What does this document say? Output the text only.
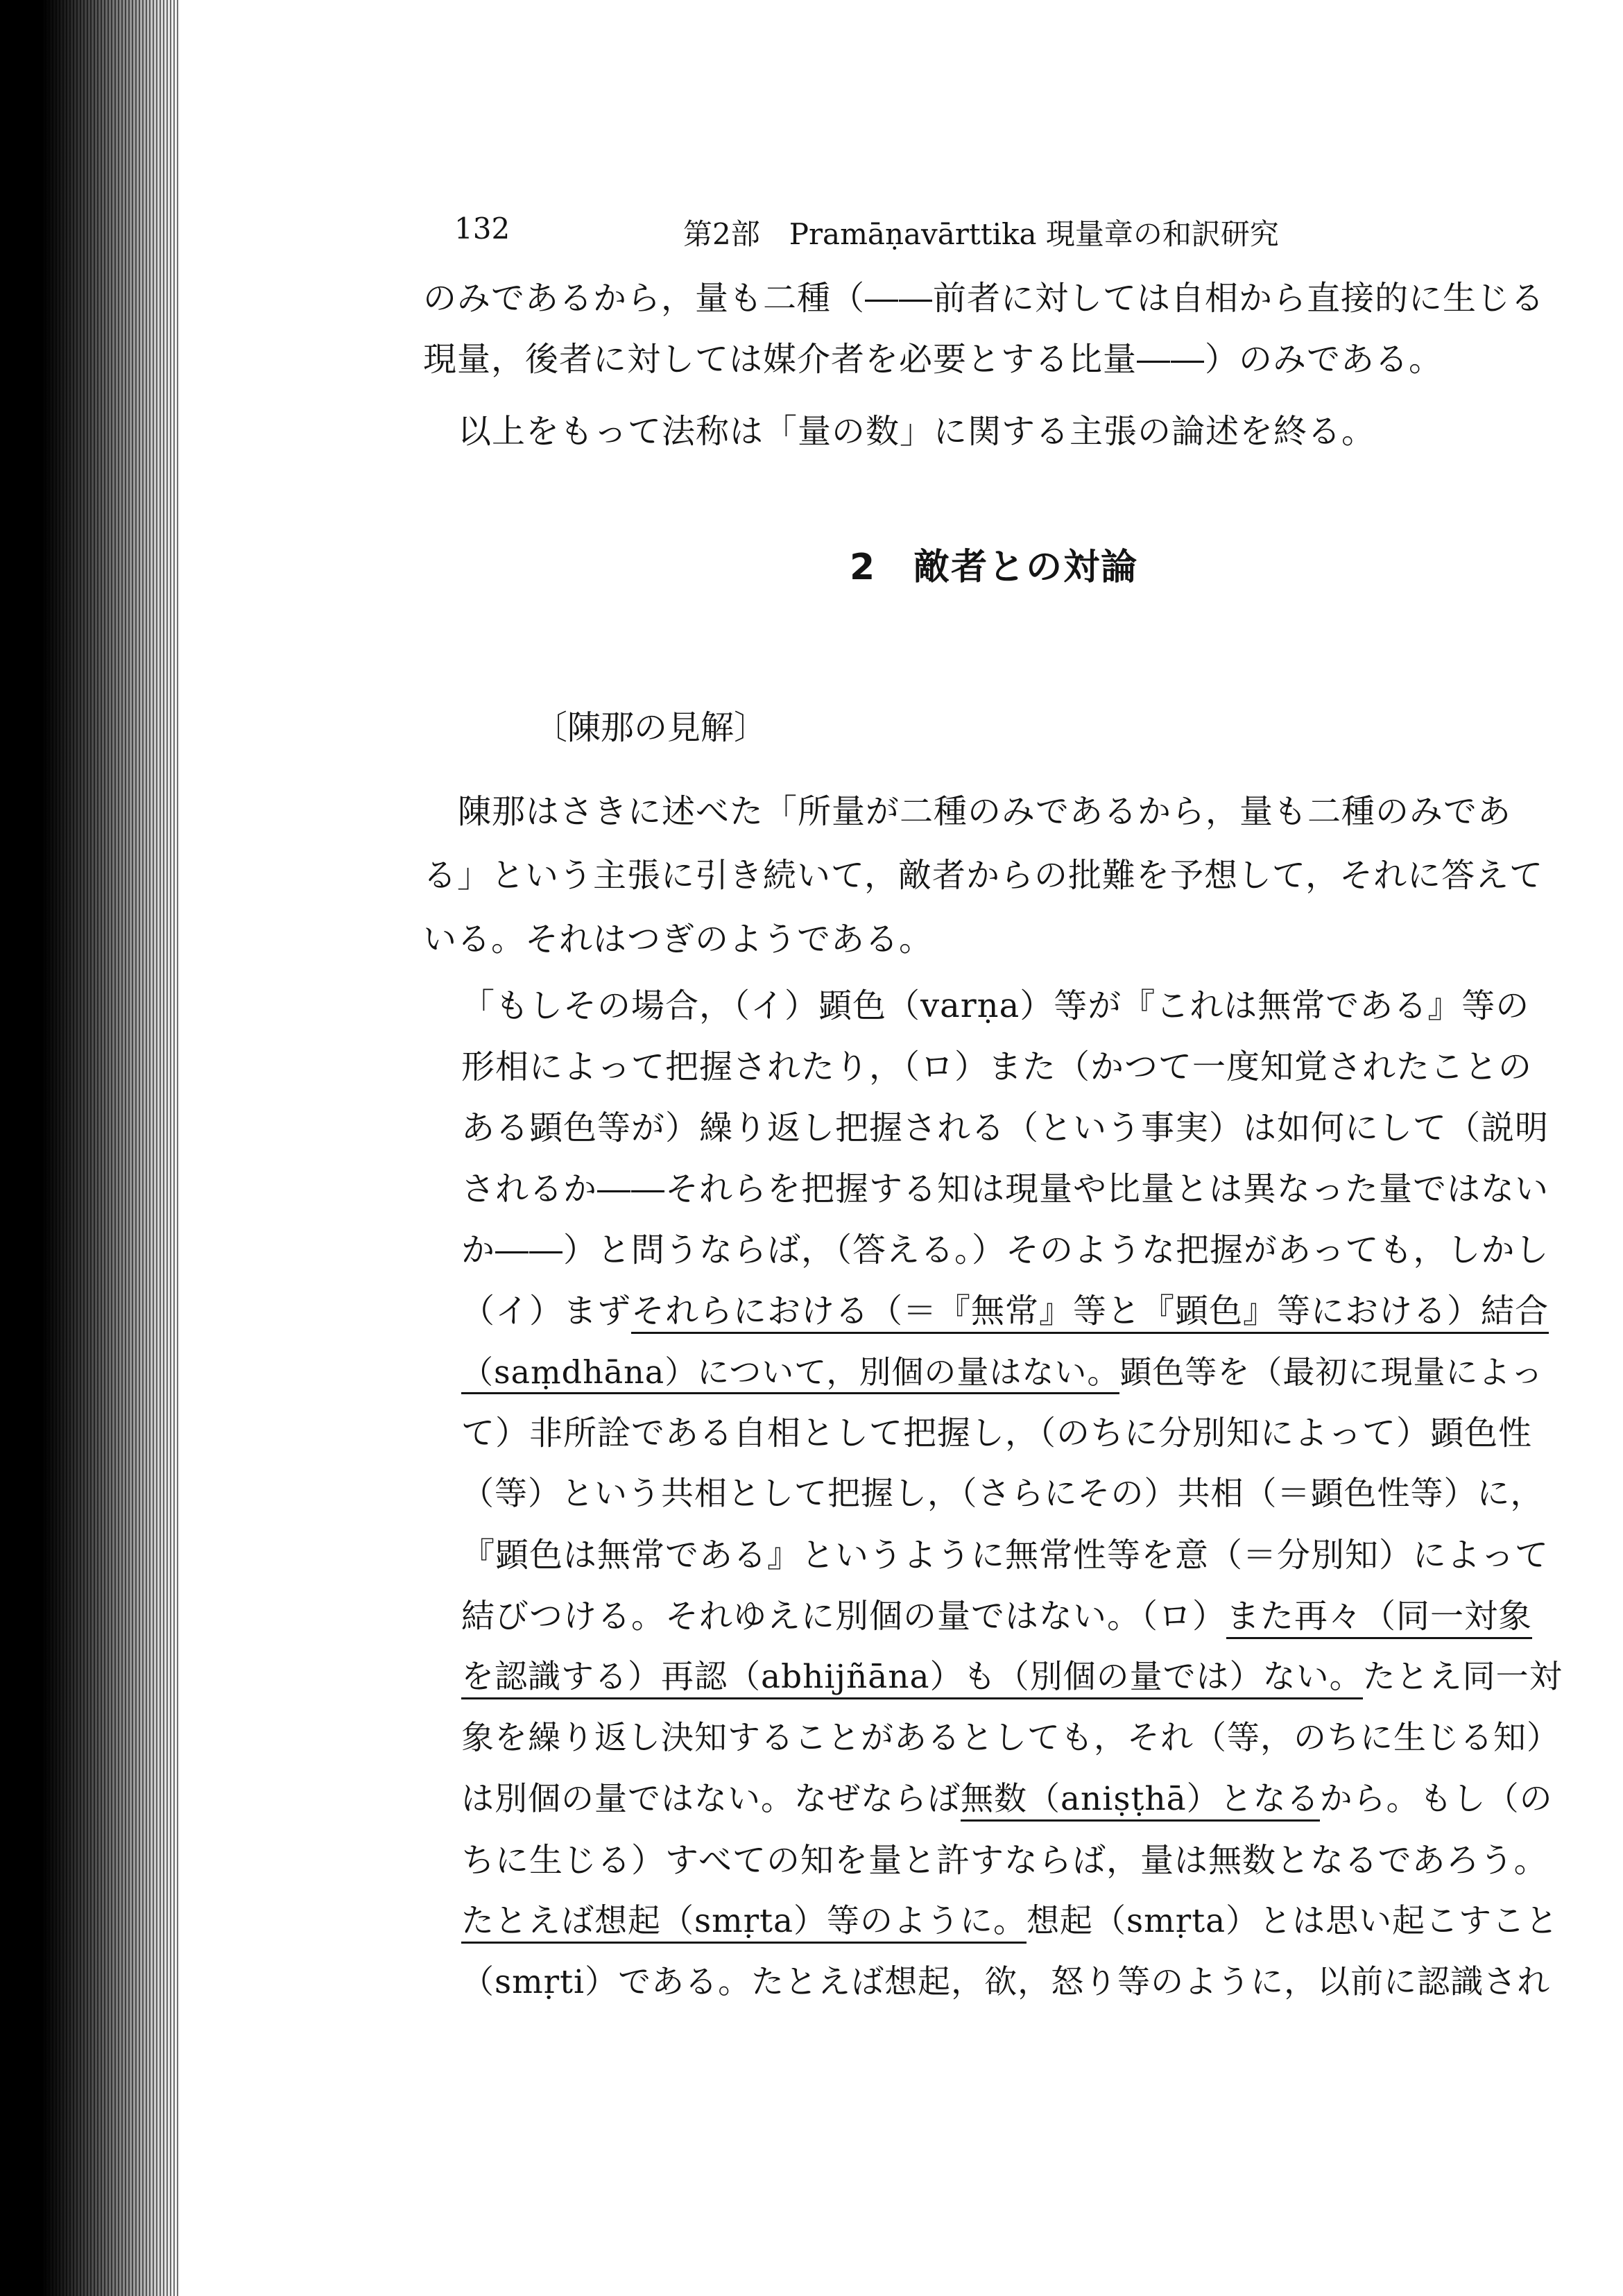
132	第2部　Pramāṇavārttika 現量章の和訳研究
のみであるから，量も二種（――前者に対しては自相から直接的に生じる
現量，後者に対しては媒介者を必要とする比量――）のみである。
以上をもって法称は「量の数」に関する主張の論述を終る。
2　敵者との対論
〔陳那の見解〕
陳那はさきに述べた「所量が二種のみであるから，量も二種のみであ
る」という主張に引き続いて，敵者からの批難を予想して，それに答えて
いる。それはつぎのようである。
「もしその場合，（イ）顕色（varṇa）等が『これは無常である』等の
形相によって把握されたり，（ロ）また（かつて一度知覚されたことの
ある顕色等が）繰り返し把握される（という事実）は如何にして（説明
されるか――それらを把握する知は現量や比量とは異なった量ではない
か――）と問うならば，（答える。）そのような把握があっても，しかし
（イ）まずそれらにおける（＝『無常』等と『顕色』等における）結合
（saṃdhāna）について，別個の量はない。顕色等を（最初に現量によっ
て）非所詮である自相として把握し，（のちに分別知によって）顕色性
（等）という共相として把握し，（さらにその）共相（＝顕色性等）に，
『顕色は無常である』というように無常性等を意（＝分別知）によって
結びつける。それゆえに別個の量ではない。（ロ）また再々（同一対象
を認識する）再認（abhijñāna）も（別個の量では）ない。たとえ同一対
象を繰り返し決知することがあるとしても，それ（等，のちに生じる知）
は別個の量ではない。なぜならば無数（aniṣṭhā）となるから。もし（の
ちに生じる）すべての知を量と許すならば，量は無数となるであろう。
たとえば想起（smṛta）等のように。想起（smṛta）とは思い起こすこと
（smṛti）である。たとえば想起，欲，怒り等のように，以前に認識され
